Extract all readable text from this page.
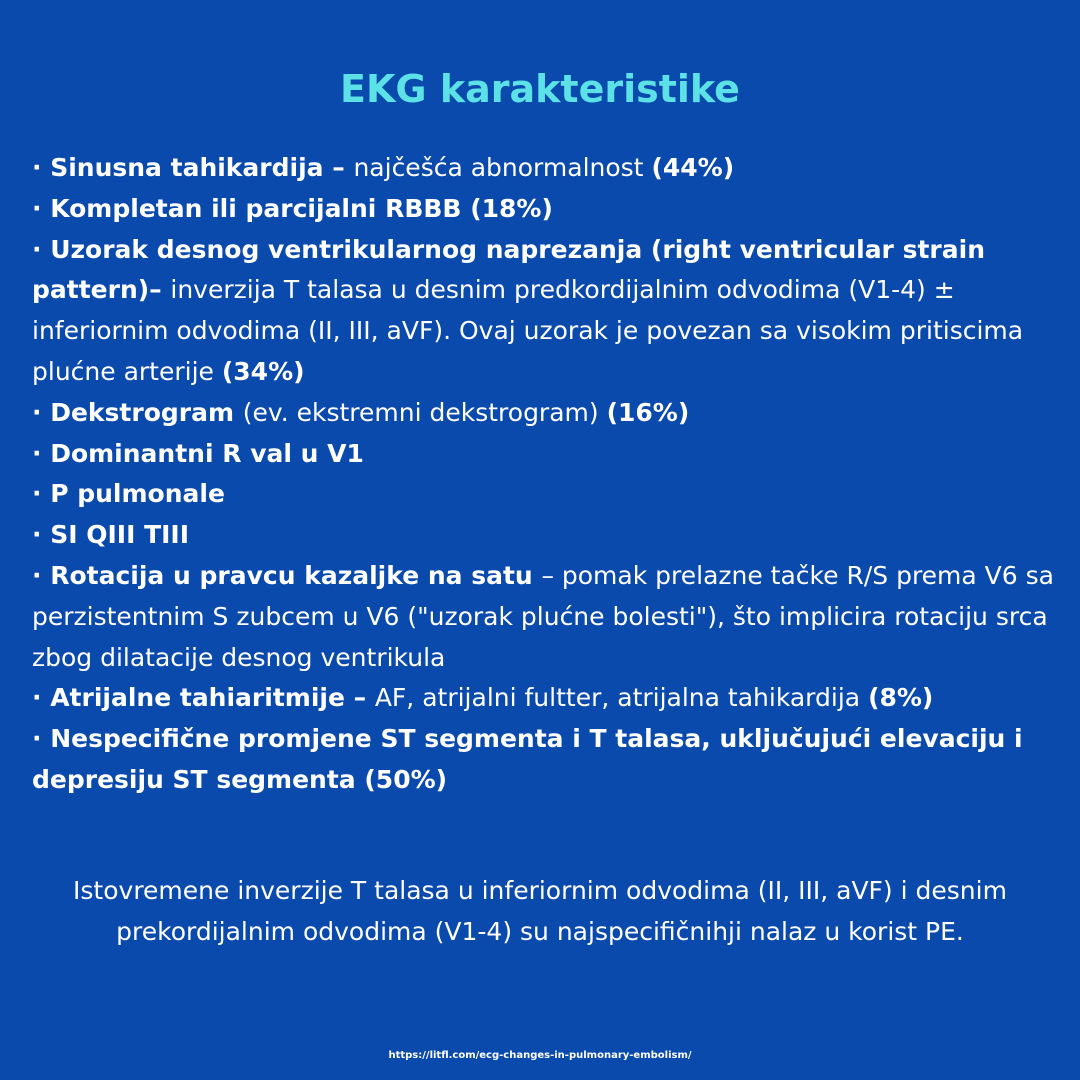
EKG karakteristike
· Sinusna tahikardija – najčešća abnormalnost (44%)
· Kompletan ili parcijalni RBBB (18%)
· Uzorak desnog ventrikularnog naprezanja (right ventricular strain pattern)– inverzija T talasa u desnim predkordijalnim odvodima (V1-4) ± inferiornim odvodima (II, III, aVF). Ovaj uzorak je povezan sa visokim pritiscima plućne arterije (34%)
· Dekstrogram (ev. ekstremni dekstrogram) (16%)
· Dominantni R val u V1
· P pulmonale
· SI QIII TIII
· Rotacija u pravcu kazaljke na satu – pomak prelazne tačke R/S prema V6 sa perzistentnim S zubcem u V6 ("uzorak plućne bolesti"), što implicira rotaciju srca zbog dilatacije desnog ventrikula
· Atrijalne tahiaritmije – AF, atrijalni fultter, atrijalna tahikardija (8%)
· Nespecifične promjene ST segmenta i T talasa, uključujući elevaciju i depresiju ST segmenta (50%)

Istovremene inverzije T talasa u inferiornim odvodima (II, III, aVF) i desnim prekordijalnim odvodima (V1-4) su najspecifičnihji nalaz u korist PE.

https://litfl.com/ecg-changes-in-pulmonary-embolism/
